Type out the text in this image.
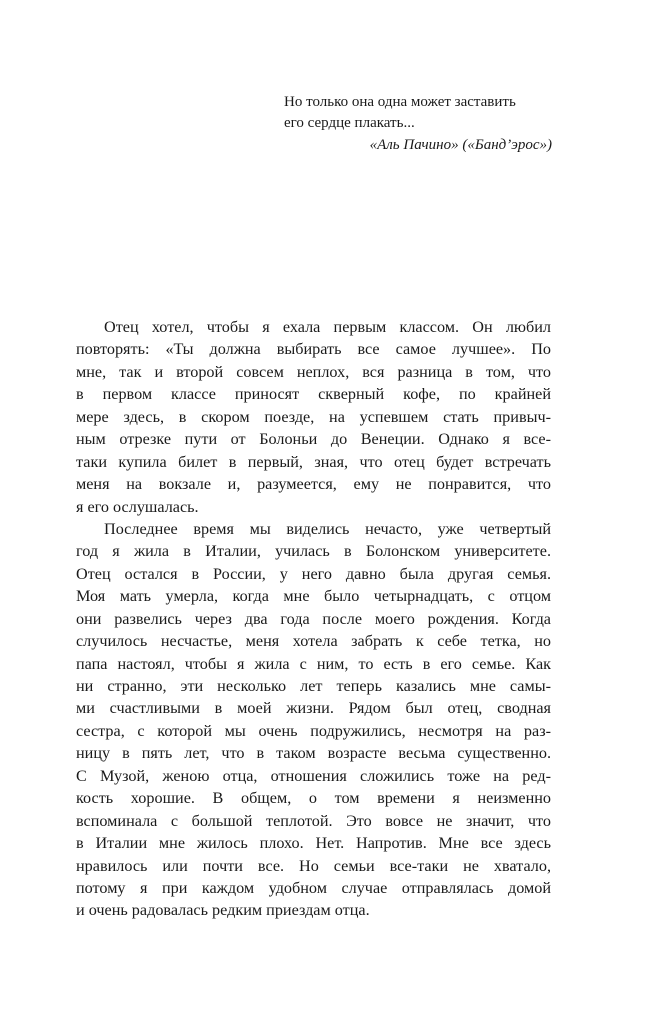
Но только она одна может заставить
его сердце плакать...
«Аль Пачино» («Банд’эрос»)
Отец хотел, чтобы я ехала первым классом. Он любил
повторять: «Ты должна выбирать все самое лучшее». По
мне, так и второй совсем неплох, вся разница в том, что
в первом классе приносят скверный кофе, по крайней
мере здесь, в скором поезде, на успевшем стать привыч-
ным отрезке пути от Болоньи до Венеции. Однако я все-
таки купила билет в первый, зная, что отец будет встречать
меня на вокзале и, разумеется, ему не понравится, что
я его ослушалась.
Последнее время мы виделись нечасто, уже четвертый
год я жила в Италии, училась в Болонском университете.
Отец остался в России, у него давно была другая семья.
Моя мать умерла, когда мне было четырнадцать, с отцом
они развелись через два года после моего рождения. Когда
случилось несчастье, меня хотела забрать к себе тетка, но
папа настоял, чтобы я жила с ним, то есть в его семье. Как
ни странно, эти несколько лет теперь казались мне самы-
ми счастливыми в моей жизни. Рядом был отец, сводная
сестра, с которой мы очень подружились, несмотря на раз-
ницу в пять лет, что в таком возрасте весьма существенно.
С Музой, женою отца, отношения сложились тоже на ред-
кость хорошие. В общем, о том времени я неизменно
вспоминала с большой теплотой. Это вовсе не значит, что
в Италии мне жилось плохо. Нет. Напротив. Мне все здесь
нравилось или почти все. Но семьи все-таки не хватало,
потому я при каждом удобном случае отправлялась домой
и очень радовалась редким приездам отца.
